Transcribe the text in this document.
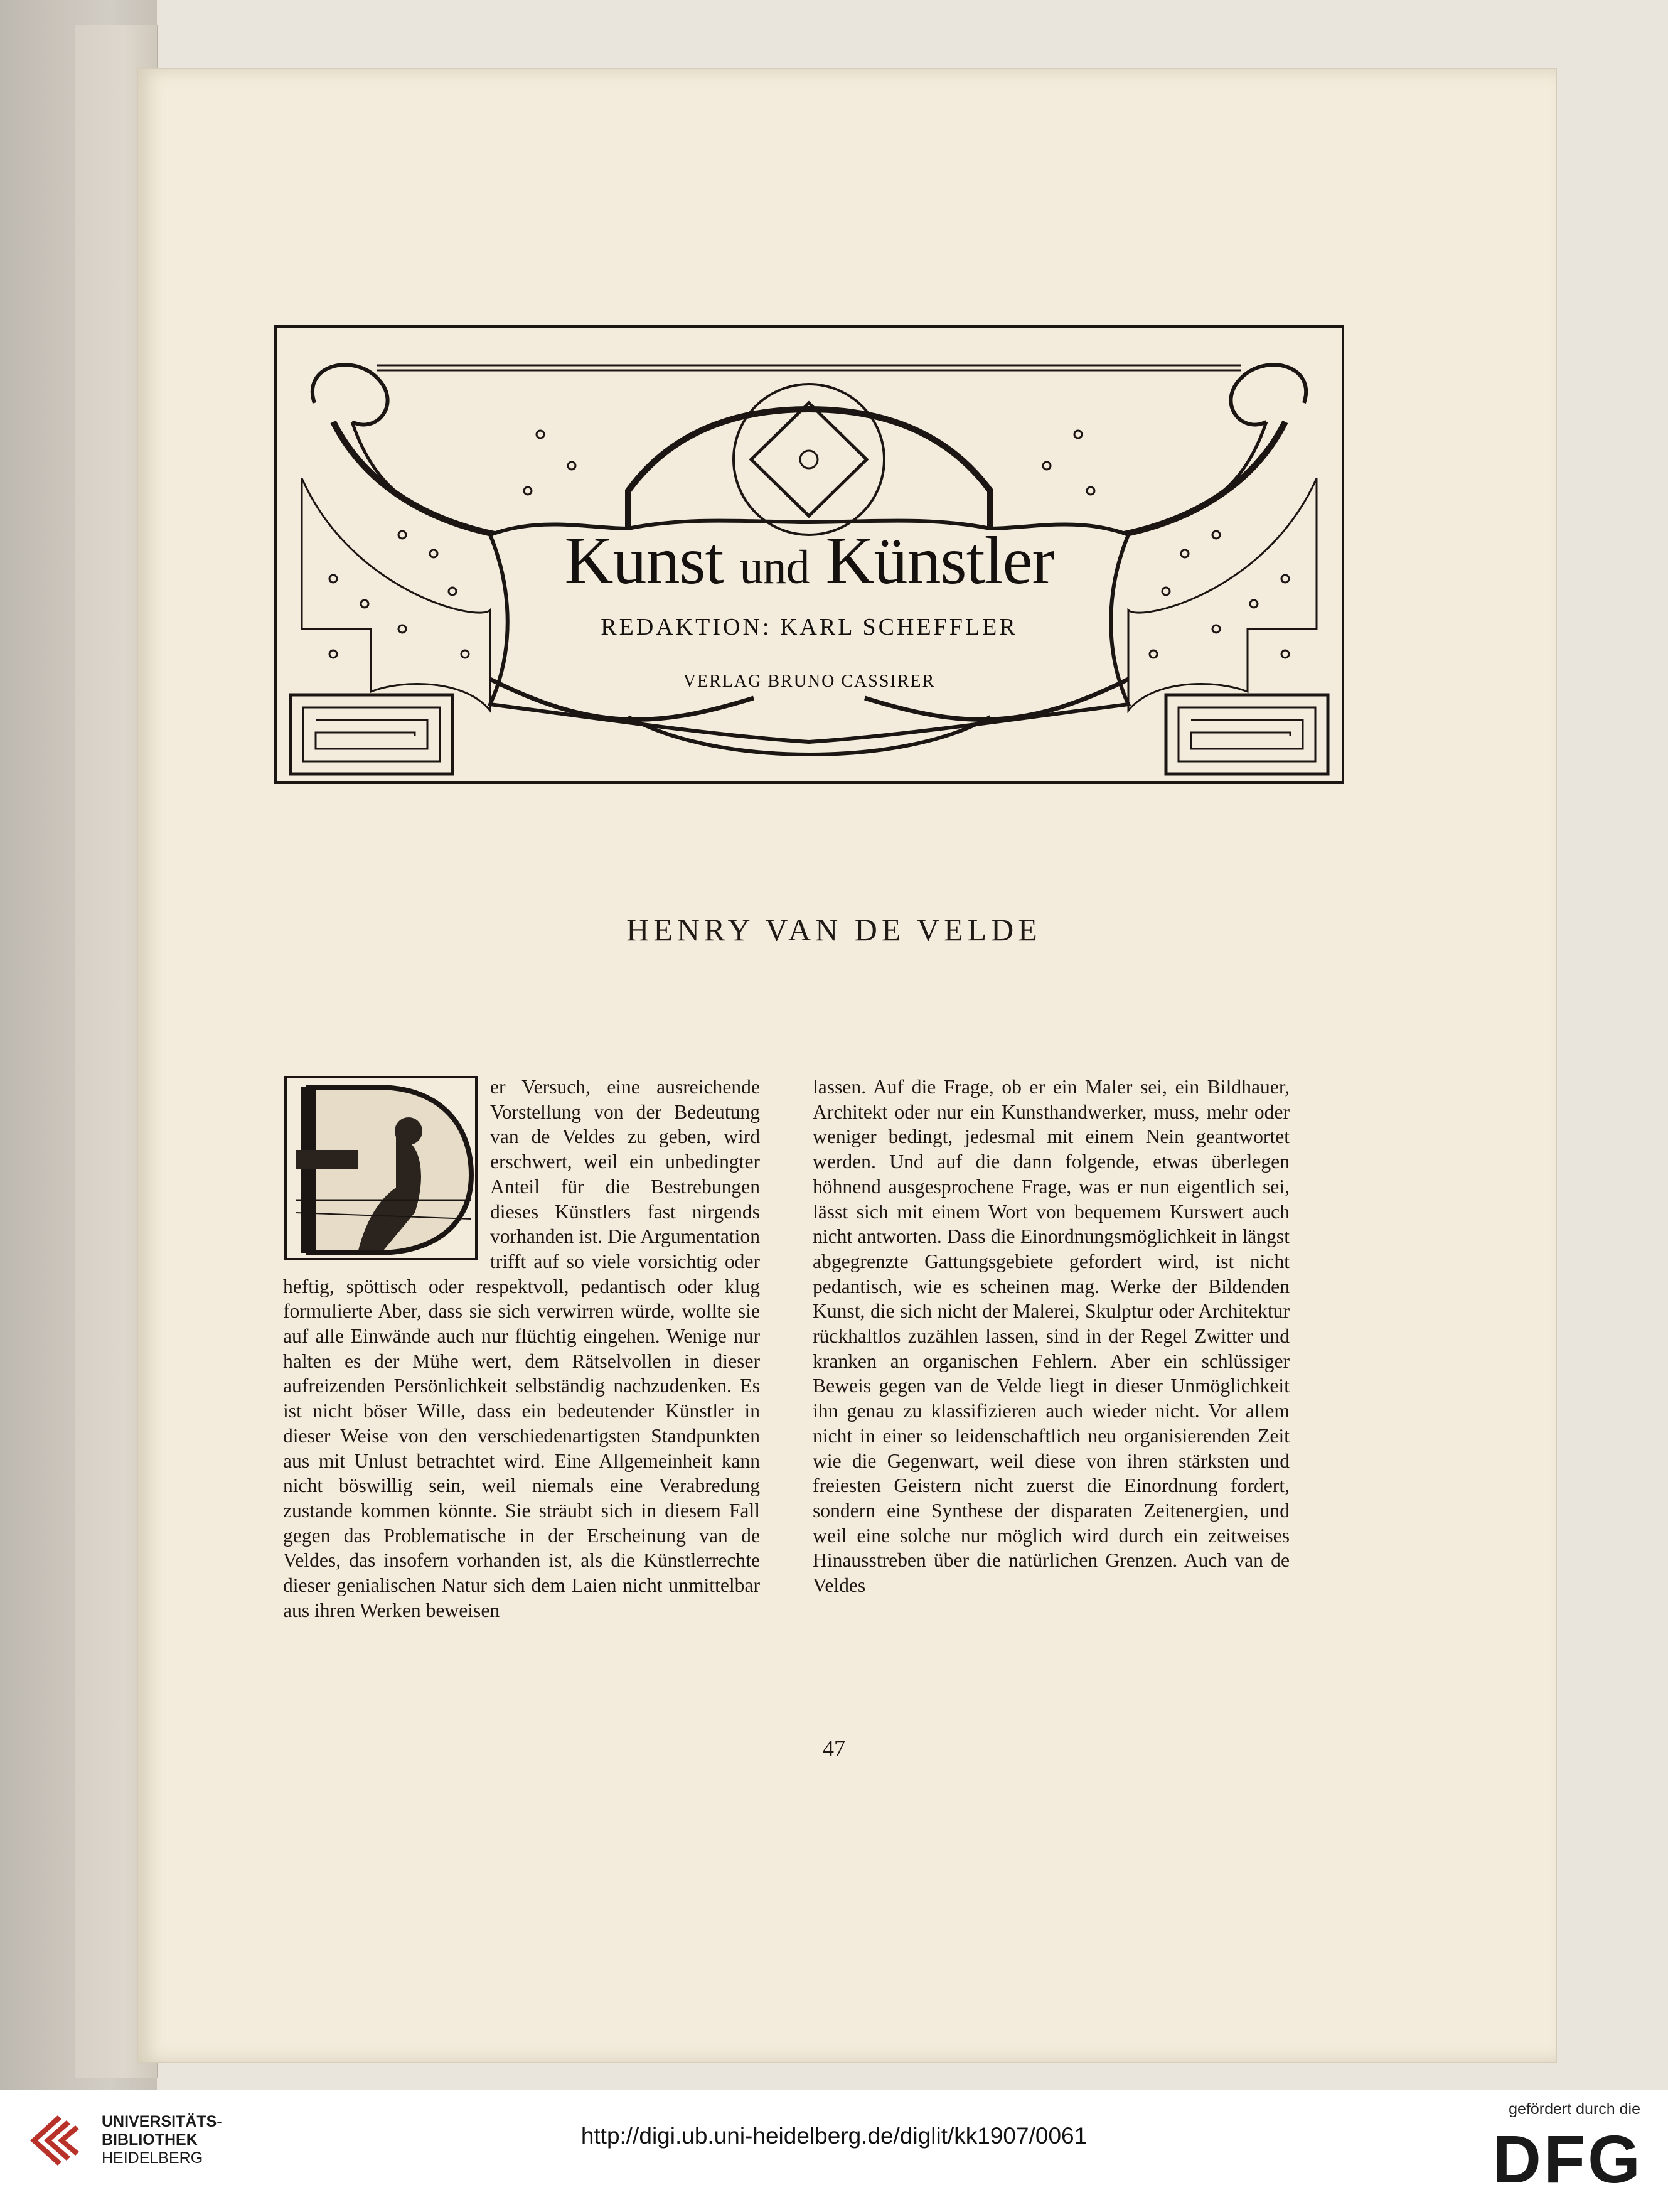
Kunst und Künstler
REDAKTION: KARL SCHEFFLER
VERLAG BRUNO CASSIRER
HENRY VAN DE VELDE

er Versuch, eine ausreichende Vorstellung von der Bedeutung van de Veldes zu geben, wird erschwert, weil ein unbedingter Anteil für die Bestrebungen dieses Künstlers fast nirgends vorhanden ist. Die Argumentation trifft auf so viele vorsichtig oder heftig, spöttisch oder respektvoll, pedantisch oder klug formulierte Aber, dass sie sich verwirren würde, wollte sie auf alle Einwände auch nur flüchtig eingehen. Wenige nur halten es der Mühe wert, dem Rätselvollen in dieser aufreizenden Persönlichkeit selbständig nachzudenken. Es ist nicht böser Wille, dass ein bedeutender Künstler in dieser Weise von den verschiedenartigsten Standpunkten aus mit Unlust betrachtet wird. Eine Allgemeinheit kann nicht böswillig sein, weil niemals eine Verabredung zustande kommen könnte. Sie sträubt sich in diesem Fall gegen das Problematische in der Erscheinung van de Veldes, das insofern vorhanden ist, als die Künstlerrechte dieser genialischen Natur sich dem Laien nicht unmittelbar aus ihren Werken beweisen

lassen. Auf die Frage, ob er ein Maler sei, ein Bildhauer, Architekt oder nur ein Kunsthandwerker, muss, mehr oder weniger bedingt, jedesmal mit einem Nein geantwortet werden. Und auf die dann folgende, etwas überlegen höhnend ausgesprochene Frage, was er nun eigentlich sei, lässt sich mit einem Wort von bequemem Kurswert auch nicht antworten. Dass die Einordnungsmöglichkeit in längst abgegrenzte Gattungsgebiete gefordert wird, ist nicht pedantisch, wie es scheinen mag. Werke der Bildenden Kunst, die sich nicht der Malerei, Skulptur oder Architektur rückhaltlos zuzählen lassen, sind in der Regel Zwitter und kranken an organischen Fehlern. Aber ein schlüssiger Beweis gegen van de Velde liegt in dieser Unmöglichkeit ihn genau zu klassifizieren auch wieder nicht. Vor allem nicht in einer so leidenschaftlich neu organisierenden Zeit wie die Gegenwart, weil diese von ihren stärksten und freiesten Geistern nicht zuerst die Einordnung fordert, sondern eine Synthese der disparaten Zeitenergien, und weil eine solche nur möglich wird durch ein zeitweises Hinausstreben über die natürlichen Grenzen. Auch van de Veldes

47
UNIVERSITÄTS-
BIBLIOTHEK
HEIDELBERG
http://digi.ub.uni-heidelberg.de/diglit/kk1907/0061
gefördert durch die
DFG
